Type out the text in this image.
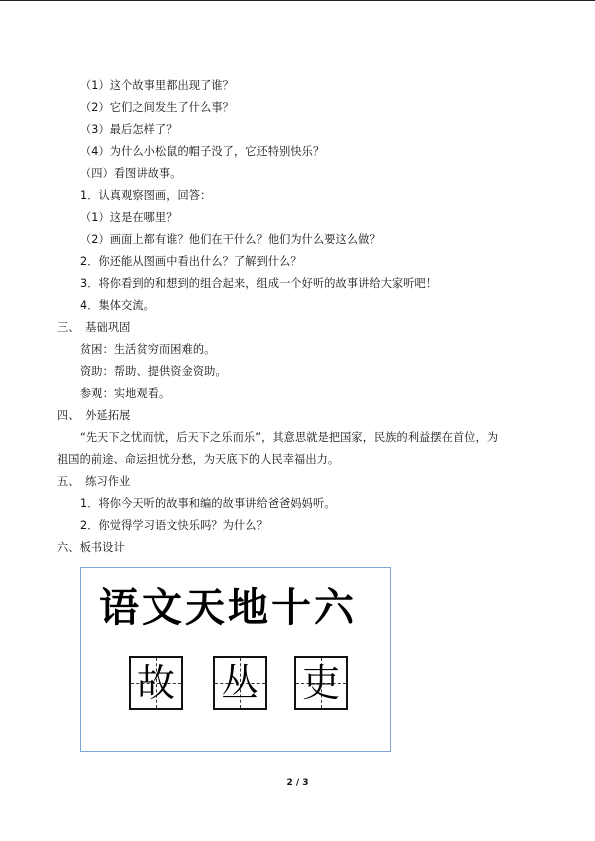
（1）这个故事里都出现了谁？
（2）它们之间发生了什么事？
（3）最后怎样了？
（4）为什么小松鼠的帽子没了，它还特别快乐？
（四）看图讲故事。
1．认真观察图画，回答：
（1）这是在哪里？
（2）画面上都有谁？他们在干什么？他们为什么要这么做？
2．你还能从图画中看出什么？了解到什么？
3．将你看到的和想到的组合起来，组成一个好听的故事讲给大家听吧！
4．集体交流。
三、　基础巩固
贫困：生活贫穷而困难的。
资助：帮助、提供资金资助。
参观：实地观看。
四、　外延拓展
“先天下之忧而忧，后天下之乐而乐”，其意思就是把国家，民族的利益摆在首位，为
祖国的前途、命运担忧分愁，为天底下的人民幸福出力。
五、　练习作业
1．将你今天听的故事和编的故事讲给爸爸妈妈听。
2．你觉得学习语文快乐吗？为什么？
六、板书设计
语文天地十六
故 丛 吏
2 / 3
